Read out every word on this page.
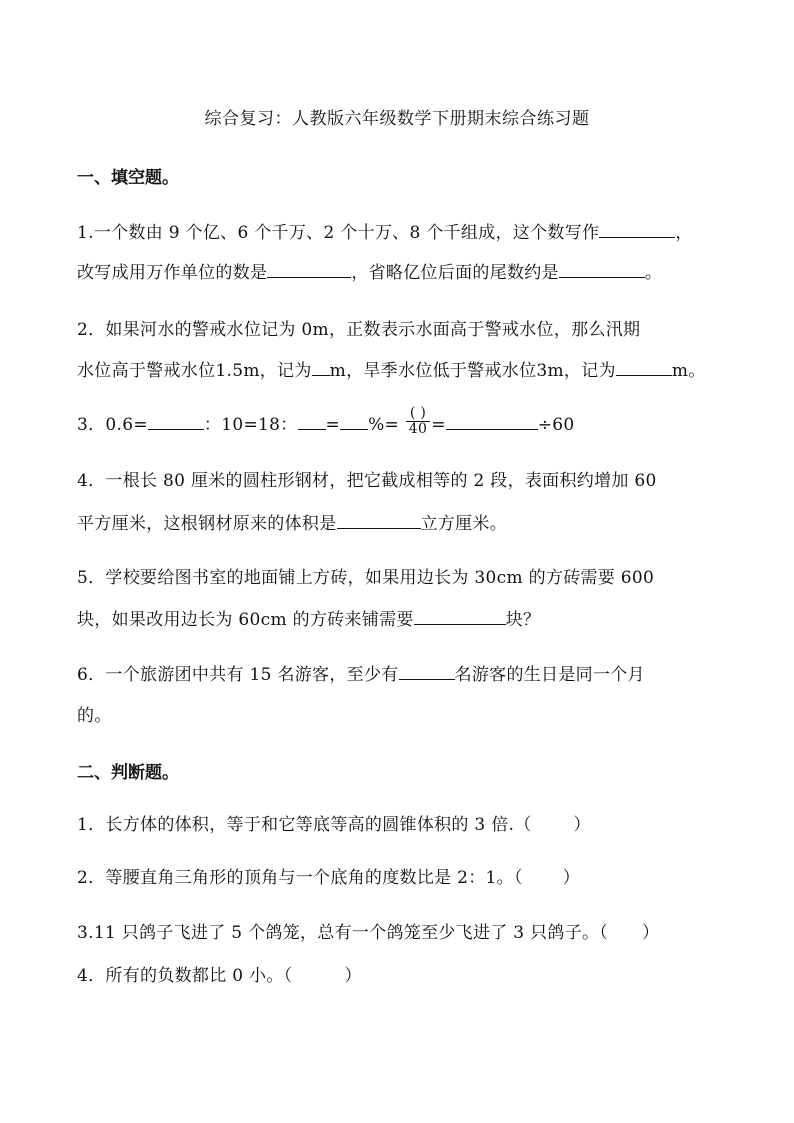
综合复习：人教版六年级数学下册期末综合练习题
一、填空题。
1.一个数由 9 个亿、6 个千万、2 个十万、8 个千组成，这个数写作	，
改写成用万作单位的数是	，省略亿位后面的尾数约是	。
2．如果河水的警戒水位记为 0m，正数表示水面高于警戒水位，那么汛期
水位高于警戒水位1.5m，记为 m，旱季水位低于警戒水位3m，记为	m。
3．0.6=	：10=18： = %= $\frac{( )}{40}$ =	÷60
4．一根长 80 厘米的圆柱形钢材，把它截成相等的 2 段，表面积约增加 60
平方厘米，这根钢材原来的体积是	立方厘米。
5．学校要给图书室的地面铺上方砖，如果用边长为 30cm 的方砖需要 600
块，如果改用边长为 60cm 的方砖来铺需要	块？
6．一个旅游团中共有 15 名游客，至少有	名游客的生日是同一个月
的。
二、判断题。
1．长方体的体积，等于和它等底等高的圆锥体积的 3 倍.（ ）
2．等腰直角三角形的顶角与一个底角的度数比是 2：1。（ ）
3.11 只鸽子飞进了 5 个鸽笼，总有一个鸽笼至少飞进了 3 只鸽子。（ ）
4．所有的负数都比 0 小。（	）
